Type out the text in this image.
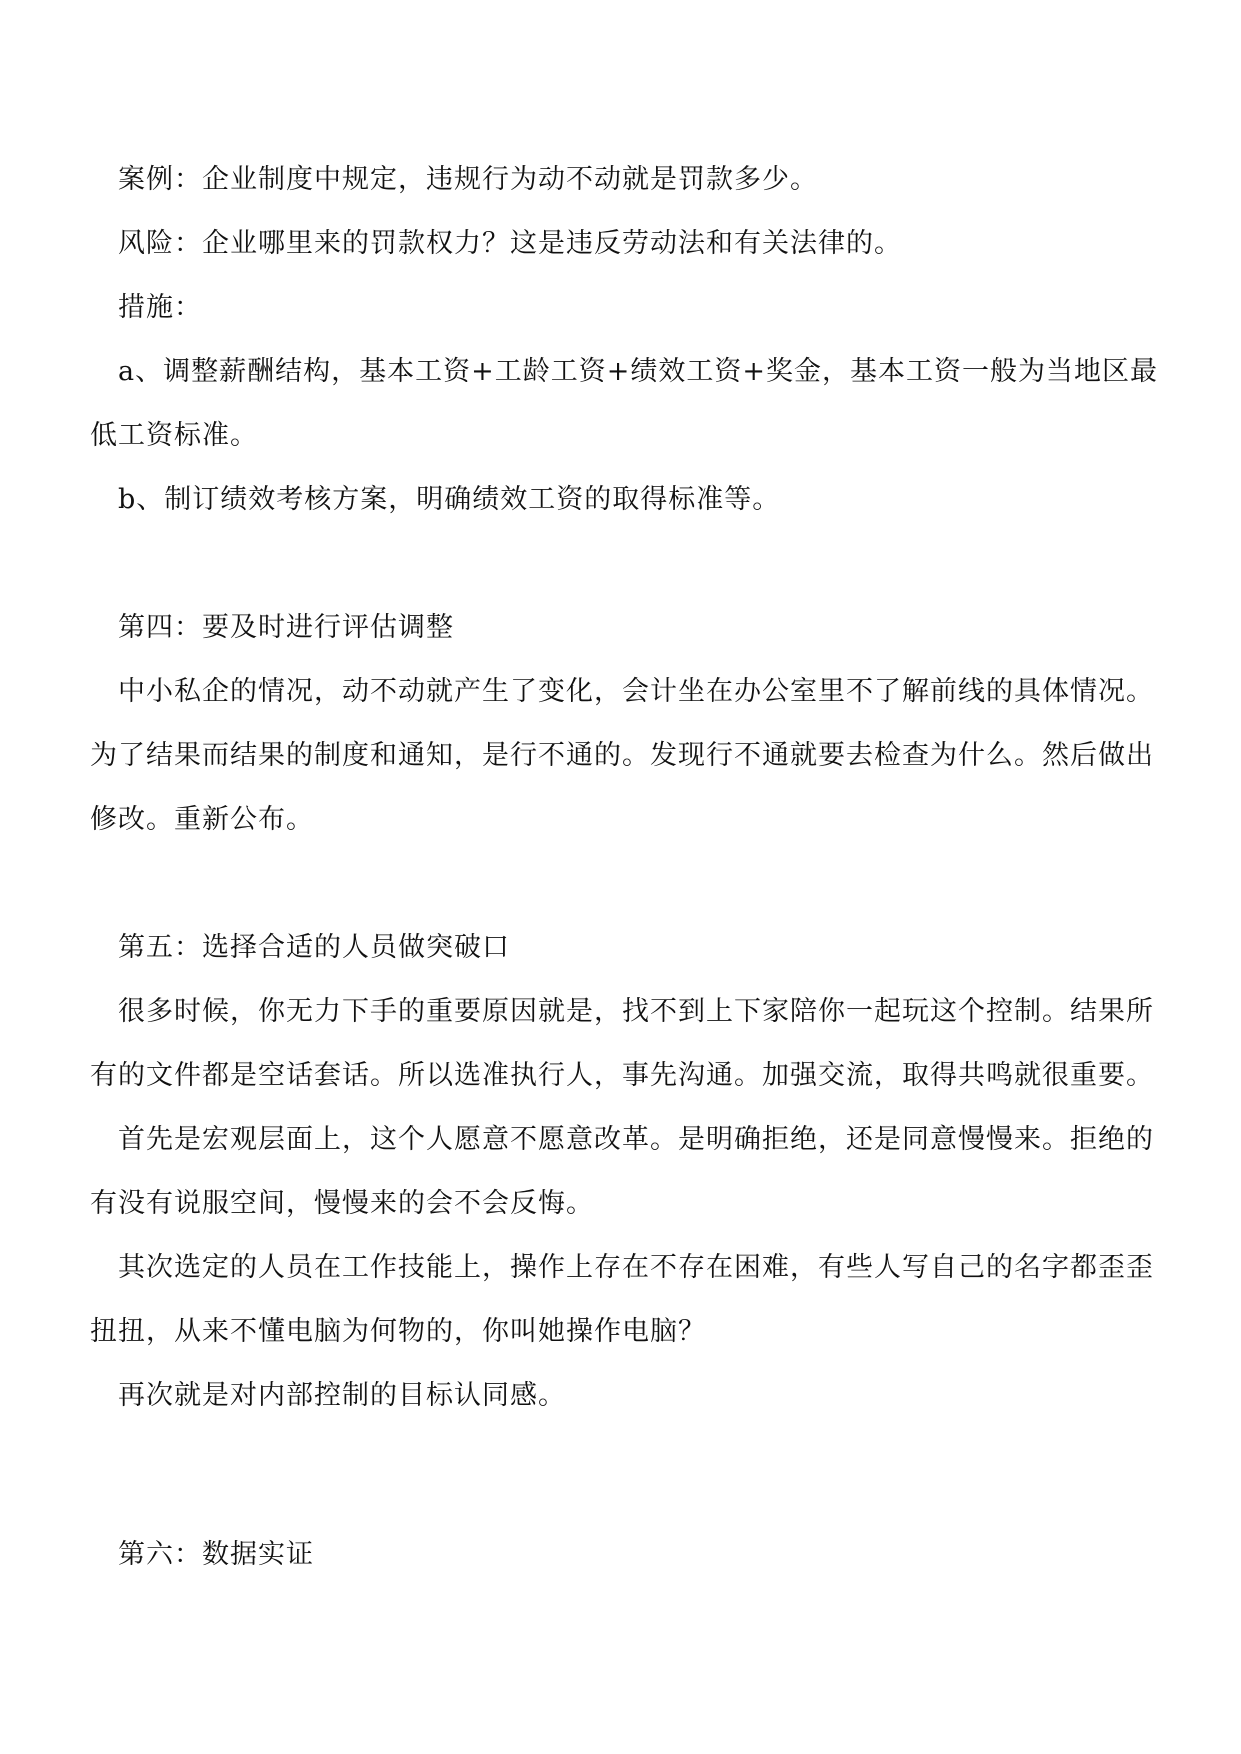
案例：企业制度中规定，违规行为动不动就是罚款多少。

风险：企业哪里来的罚款权力？这是违反劳动法和有关法律的。

措施：

a、调整薪酬结构，基本工资+工龄工资+绩效工资+奖金，基本工资一般为当地区最低工资标准。

b、制订绩效考核方案，明确绩效工资的取得标准等。

第四：要及时进行评估调整

中小私企的情况，动不动就产生了变化，会计坐在办公室里不了解前线的具体情况。为了结果而结果的制度和通知，是行不通的。发现行不通就要去检查为什么。然后做出修改。重新公布。

第五：选择合适的人员做突破口

很多时候，你无力下手的重要原因就是，找不到上下家陪你一起玩这个控制。结果所有的文件都是空话套话。所以选准执行人，事先沟通。加强交流，取得共鸣就很重要。

首先是宏观层面上，这个人愿意不愿意改革。是明确拒绝，还是同意慢慢来。拒绝的有没有说服空间，慢慢来的会不会反悔。

其次选定的人员在工作技能上，操作上存在不存在困难，有些人写自己的名字都歪歪扭扭，从来不懂电脑为何物的，你叫她操作电脑？

再次就是对内部控制的目标认同感。

第六：数据实证
